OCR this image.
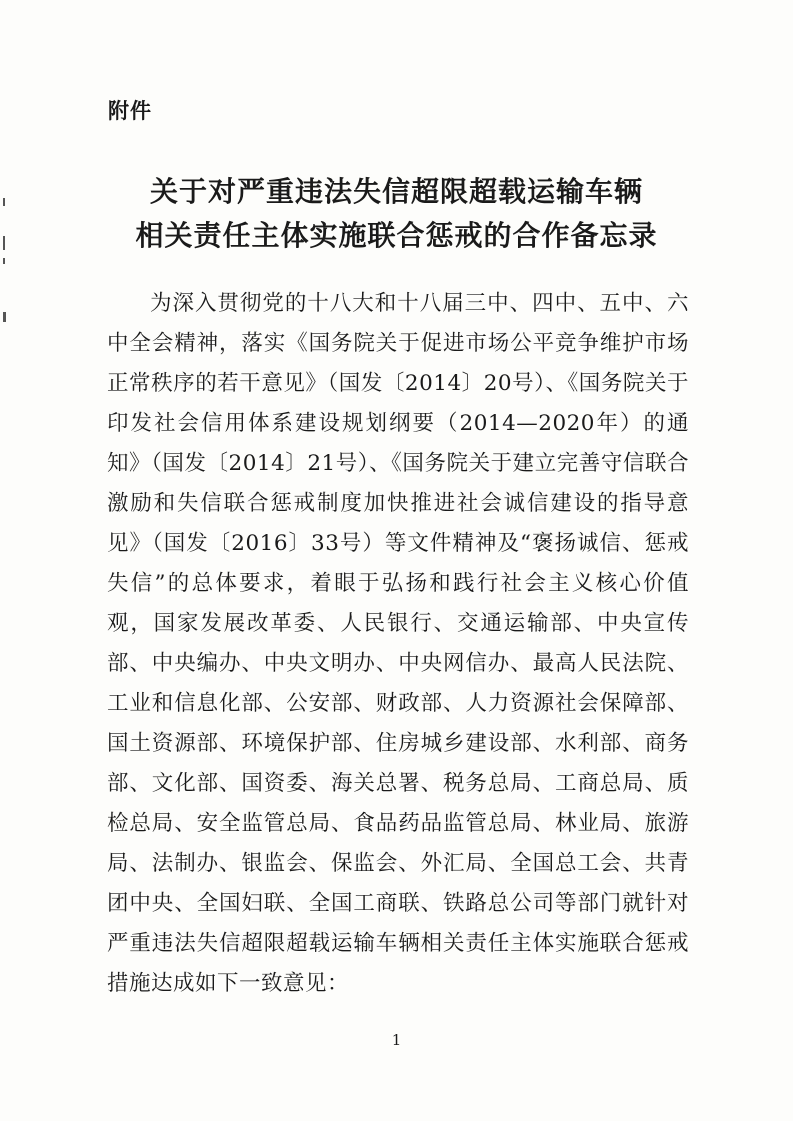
附件
关于对严重违法失信超限超载运输车辆
相关责任主体实施联合惩戒的合作备忘录

为深入贯彻党的十八大和十八届三中、四中、五中、六中全会精神，落实《国务院关于促进市场公平竞争维护市场正常秩序的若干意见》（国发〔2014〕20号）、《国务院关于印发社会信用体系建设规划纲要（2014—2020年）的通知》（国发〔2014〕21号）、《国务院关于建立完善守信联合激励和失信联合惩戒制度加快推进社会诚信建设的指导意见》（国发〔2016〕33号）等文件精神及“褒扬诚信、惩戒失信”的总体要求，着眼于弘扬和践行社会主义核心价值观，国家发展改革委、人民银行、交通运输部、中央宣传部、中央编办、中央文明办、中央网信办、最高人民法院、工业和信息化部、公安部、财政部、人力资源社会保障部、国土资源部、环境保护部、住房城乡建设部、水利部、商务部、文化部、国资委、海关总署、税务总局、工商总局、质检总局、安全监管总局、食品药品监管总局、林业局、旅游局、法制办、银监会、保监会、外汇局、全国总工会、共青团中央、全国妇联、全国工商联、铁路总公司等部门就针对严重违法失信超限超载运输车辆相关责任主体实施联合惩戒措施达成如下一致意见：

1
